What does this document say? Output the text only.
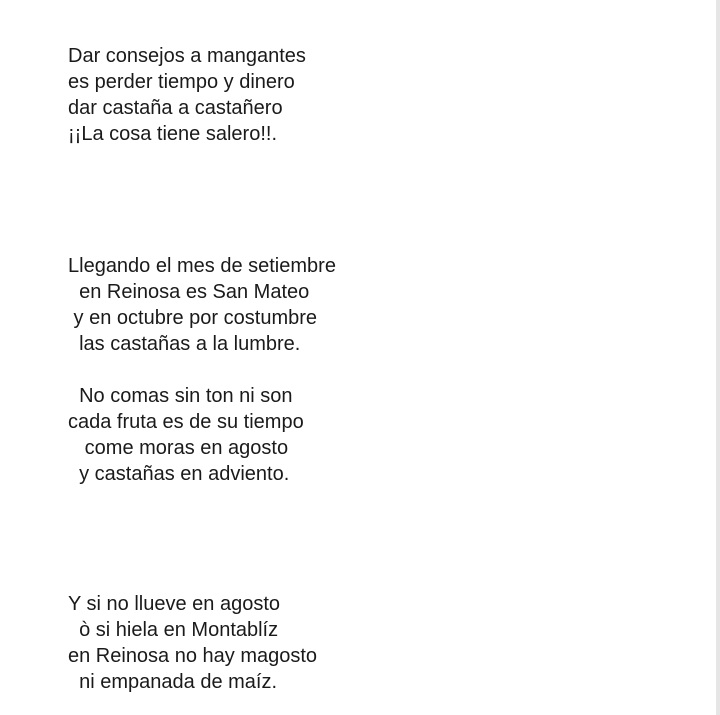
Dar consejos a mangantes
es perder tiempo y dinero
dar castaña a castañero
¡¡La cosa tiene salero!!.
Llegando el mes de setiembre
en Reinosa es San Mateo
y en octubre por costumbre
las castañas a la lumbre.
No comas sin ton ni son
cada fruta es de su tiempo
come moras en agosto
y castañas en adviento.
Y si no llueve en agosto
ò si hiela en Montablíz
en Reinosa no hay magosto
ni empanada de maíz.
